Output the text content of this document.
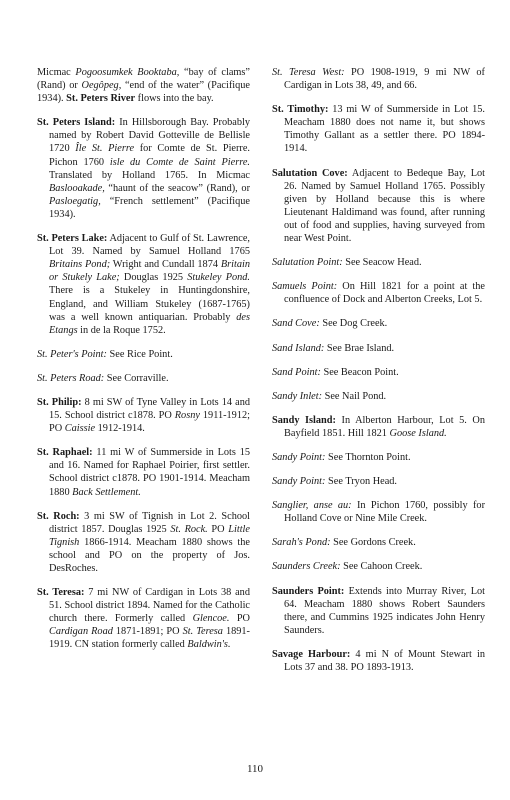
Micmac Pogoosumkek Booktaba, “bay of clams” (Rand) or Oegôpeg, “end of the water” (Pacifique 1934). St. Peters River flows into the bay.

St. Peters Island: In Hillsborough Bay. Probably named by Robert David Gotteville de Bellisle 1720 Île St. Pierre for Comte de St. Pierre. Pichon 1760 isle du Comte de Saint Pierre. Translated by Holland 1765. In Micmac Baslooakade, “haunt of the seacow” (Rand), or Pasloegatig, “French settlement” (Pacifique 1934).

St. Peters Lake: Adjacent to Gulf of St. Lawrence, Lot 39. Named by Samuel Holland 1765 Britains Pond; Wright and Cundall 1874 Britain or Stukely Lake; Douglas 1925 Stukeley Pond. There is a Stukeley in Huntingdonshire, England, and William Stukeley (1687-1765) was a well known antiquarian. Probably des Etangs in de la Roque 1752.

St. Peter's Point: See Rice Point.

St. Peters Road: See Corraville.

St. Philip: 8 mi SW of Tyne Valley in Lots 14 and 15. School district c1878. PO Rosny 1911-1912; PO Caissie 1912-1914.

St. Raphael: 11 mi W of Summerside in Lots 15 and 16. Named for Raphael Poirier, first settler. School district c1878. PO 1901-1914. Meacham 1880 Back Settlement.

St. Roch: 3 mi SW of Tignish in Lot 2. School district 1857. Douglas 1925 St. Rock. PO Little Tignish 1866-1914. Meacham 1880 shows the school and PO on the property of Jos. DesRoches.

St. Teresa: 7 mi NW of Cardigan in Lots 38 and 51. School district 1894. Named for the Catholic church there. Formerly called Glencoe. PO Cardigan Road 1871-1891; PO St. Teresa 1891-1919. CN station formerly called Baldwin's.

St. Teresa West: PO 1908-1919, 9 mi NW of Cardigan in Lots 38, 49, and 66.

St. Timothy: 13 mi W of Summerside in Lot 15. Meacham 1880 does not name it, but shows Timothy Gallant as a settler there. PO 1894-1914.

Salutation Cove: Adjacent to Bedeque Bay, Lot 26. Named by Samuel Holland 1765. Possibly given by Holland because this is where Lieutenant Haldimand was found, after running out of food and supplies, having surveyed from near West Point.

Salutation Point: See Seacow Head.

Samuels Point: On Hill 1821 for a point at the confluence of Dock and Alberton Creeks, Lot 5.

Sand Cove: See Dog Creek.

Sand Island: See Brae Island.

Sand Point: See Beacon Point.

Sandy Inlet: See Nail Pond.

Sandy Island: In Alberton Harbour, Lot 5. On Bayfield 1851. Hill 1821 Goose Island.

Sandy Point: See Thornton Point.

Sandy Point: See Tryon Head.

Sanglier, anse au: In Pichon 1760, possibly for Holland Cove or Nine Mile Creek.

Sarah's Pond: See Gordons Creek.

Saunders Creek: See Cahoon Creek.

Saunders Point: Extends into Murray River, Lot 64. Meacham 1880 shows Robert Saunders there, and Cummins 1925 indicates John Henry Saunders.

Savage Harbour: 4 mi N of Mount Stewart in Lots 37 and 38. PO 1893-1913.

110
